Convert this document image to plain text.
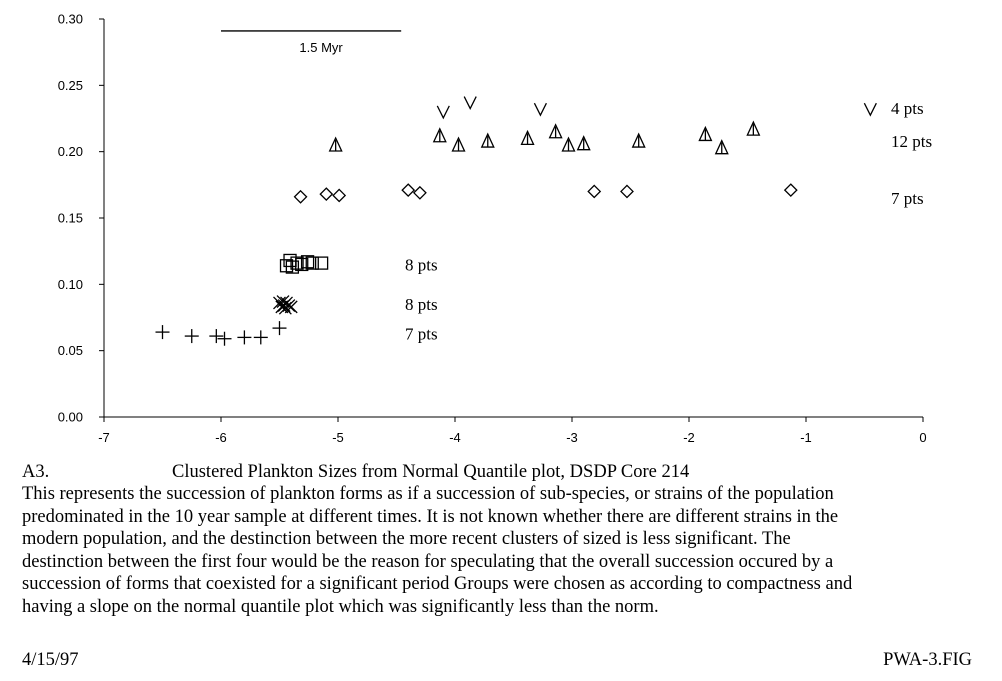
1.5 Myr
0.00
0.05
0.10
0.15
0.20
0.25
0.30
-7	-6	-5	-4	-3	-2	-1	0
4 pts
12 pts
7 pts
8 pts
8 pts
7 pts
A3.	Clustered Plankton Sizes from Normal Quantile plot, DSDP Core 214
This represents the succession of plankton forms as if a succession of sub-species, or strains of the population
predominated in the 10 year sample at different times. It is not known whether there are different strains in the
modern population, and the destinction between the more recent clusters of sized is less significant. The
destinction between the first four would be the reason for speculating that the overall succession occured by a
succession of forms that coexisted for a significant period Groups were chosen as according to compactness and
having a slope on the normal quantile plot which was significantly less than the norm.
4/15/97	PWA-3.FIG
